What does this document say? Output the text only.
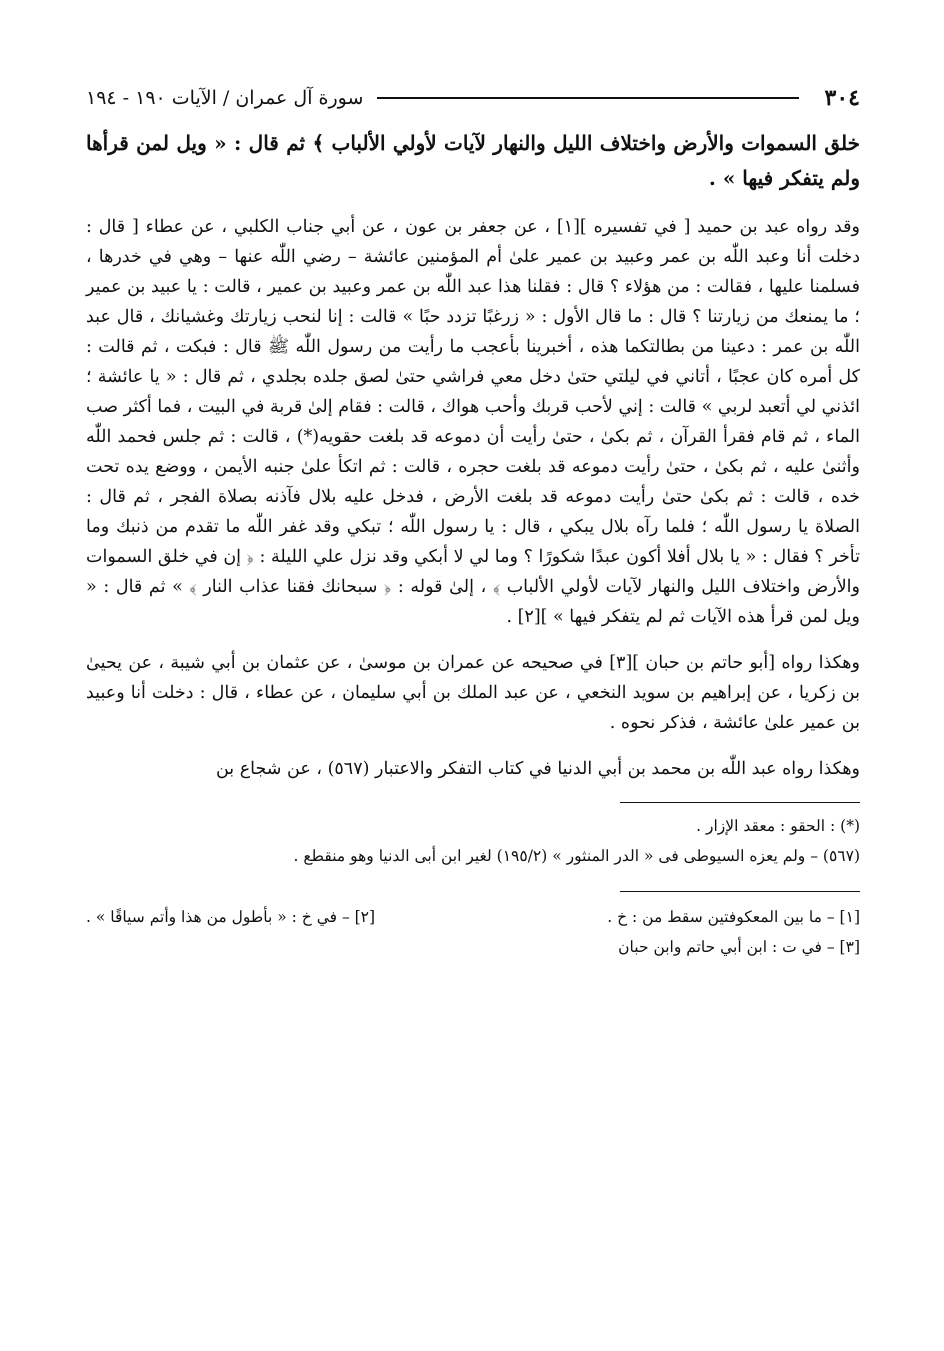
٣٠٤
سورة آل عمران / الآيات ١٩٠ - ١٩٤

خلق السموات والأرض واختلاف الليل والنهار لآيات لأولي الألباب ﴾ ثم قال : « ويل لمن قرأها ولم يتفكر فيها » .

وقد رواه عبد بن حميد [ في تفسيره ][١] ، عن جعفر بن عون ، عن أبي جناب الكلبي ، عن عطاء [ قال : دخلت أنا وعبد اللّٰه بن عمر وعبيد بن عمير علىٰ أم المؤمنين عائشة – رضي اللّٰه عنها – وهي في خدرها ، فسلمنا عليها ، فقالت : من هؤلاء ؟ قال : فقلنا هذا عبد اللّٰه بن عمر وعبيد بن عمير ، قالت : يا عبيد بن عمير ؛ ما يمنعك من زيارتنا ؟ قال : ما قال الأول : « زرغبًا تزدد حبًا » قالت : إنا لنحب زيارتك وغشيانك ، قال عبد اللّٰه بن عمر : دعينا من بطالتكما هذه ، أخبرينا بأعجب ما رأيت من رسول اللّٰه ﷺ قال : فبكت ، ثم قالت : كل أمره كان عجبًا ، أتاني في ليلتي حتىٰ دخل معي فراشي حتىٰ لصق جلده بجلدي ، ثم قال : « يا عائشة ؛ ائذني لي أتعبد لربي » قالت : إني لأحب قربك وأحب هواك ، قالت : فقام إلىٰ قربة في البيت ، فما أكثر صب الماء ، ثم قام فقرأ القرآن ، ثم بكىٰ ، حتىٰ رأيت أن دموعه قد بلغت حقويه(*) ، قالت : ثم جلس فحمد اللّٰه وأثنىٰ عليه ، ثم بكىٰ ، حتىٰ رأيت دموعه قد بلغت حجره ، قالت : ثم اتكأ علىٰ جنبه الأيمن ، ووضع يده تحت خده ، قالت : ثم بكىٰ حتىٰ رأيت دموعه قد بلغت الأرض ، فدخل عليه بلال فآذنه بصلاة الفجر ، ثم قال : الصلاة يا رسول اللّٰه ؛ فلما رآه بلال يبكي ، قال : يا رسول اللّٰه ؛ تبكي وقد غفر اللّٰه ما تقدم من ذنبك وما تأخر ؟ فقال : « يا بلال أفلا أكون عبدًا شكورًا ؟ وما لي لا أبكي وقد نزل علي الليلة : ﴿ إن في خلق السموات والأرض واختلاف الليل والنهار لآيات لأولي الألباب ﴾ ، إلىٰ قوله : ﴿ سبحانك فقنا عذاب النار ﴾ » ثم قال : « ويل لمن قرأ هذه الآيات ثم لم يتفكر فيها » ][٢] .

وهكذا رواه [أبو حاتم بن حبان ][٣] في صحيحه عن عمران بن موسىٰ ، عن عثمان بن أبي شيبة ، عن يحيىٰ بن زكريا ، عن إبراهيم بن سويد النخعي ، عن عبد الملك بن أبي سليمان ، عن عطاء ، قال : دخلت أنا وعبيد بن عمير علىٰ عائشة ، فذكر نحوه .

وهكذا رواه عبد اللّٰه بن محمد بن أبي الدنيا في كتاب التفكر والاعتبار (٥٦٧) ، عن شجاع بن

(*) : الحقو : معقد الإزار .

(٥٦٧) – ولم يعزه السيوطى فى « الدر المنثور » (١٩٥/٢) لغير ابن أبى الدنيا وهو منقطع .

[١] – ما بين المعكوفتين سقط من : خ .
[٢] – في خ : « بأطول من هذا وأتم سياقًا » .
[٣] – في ت : ابن أبي حاتم وابن حبان
